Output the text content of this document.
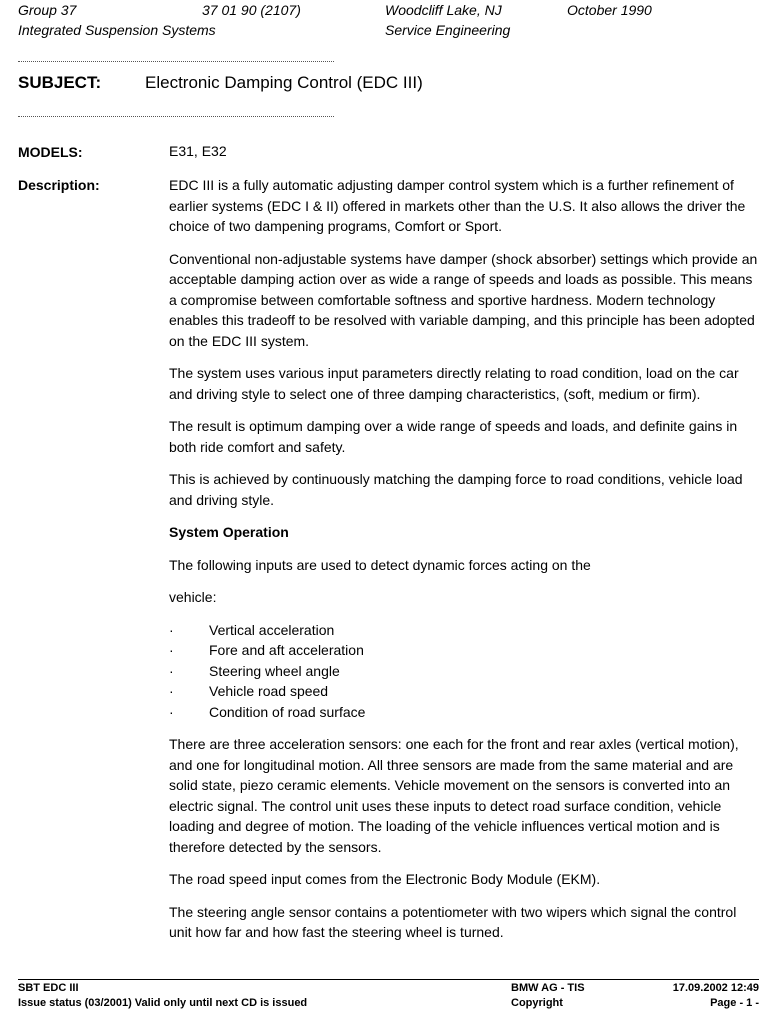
Group 37	37 01 90 (2107)	Woodcliff Lake, NJ	October 1990
Integrated Suspension Systems	Service Engineering
SUBJECT:	Electronic Damping Control (EDC III)
MODELS:	E31, E32
Description:	EDC III is a fully automatic adjusting damper control system which is a further refinement of earlier systems (EDC I & II) offered in markets other than the U.S. It also allows the driver the choice of two dampening programs, Comfort or Sport.

Conventional non-adjustable systems have damper (shock absorber) settings which provide an acceptable damping action over as wide a range of speeds and loads as possible. This means a compromise between comfortable softness and sportive hardness. Modern technology enables this tradeoff to be resolved with variable damping, and this principle has been adopted on the EDC III system.

The system uses various input parameters directly relating to road condition, load on the car and driving style to select one of three damping characteristics, (soft, medium or firm).

The result is optimum damping over a wide range of speeds and loads, and definite gains in both ride comfort and safety.

This is achieved by continuously matching the damping force to road conditions, vehicle load and driving style.

System Operation

The following inputs are used to detect dynamic forces acting on the

vehicle:

·	Vertical acceleration
·	Fore and aft acceleration
·	Steering wheel angle
·	Vehicle road speed
·	Condition of road surface

There are three acceleration sensors: one each for the front and rear axles (vertical motion), and one for longitudinal motion. All three sensors are made from the same material and are solid state, piezo ceramic elements. Vehicle movement on the sensors is converted into an electric signal. The control unit uses these inputs to detect road surface condition, vehicle loading and degree of motion. The loading of the vehicle influences vertical motion and is therefore detected by the sensors.

The road speed input comes from the Electronic Body Module (EKM).

The steering angle sensor contains a potentiometer with two wipers which signal the control unit how far and how fast the steering wheel is turned.

SBT EDC III
Issue status (03/2001) Valid only until next CD is issued
BMW AG - TIS
Copyright
17.09.2002 12:49
Page - 1 -
